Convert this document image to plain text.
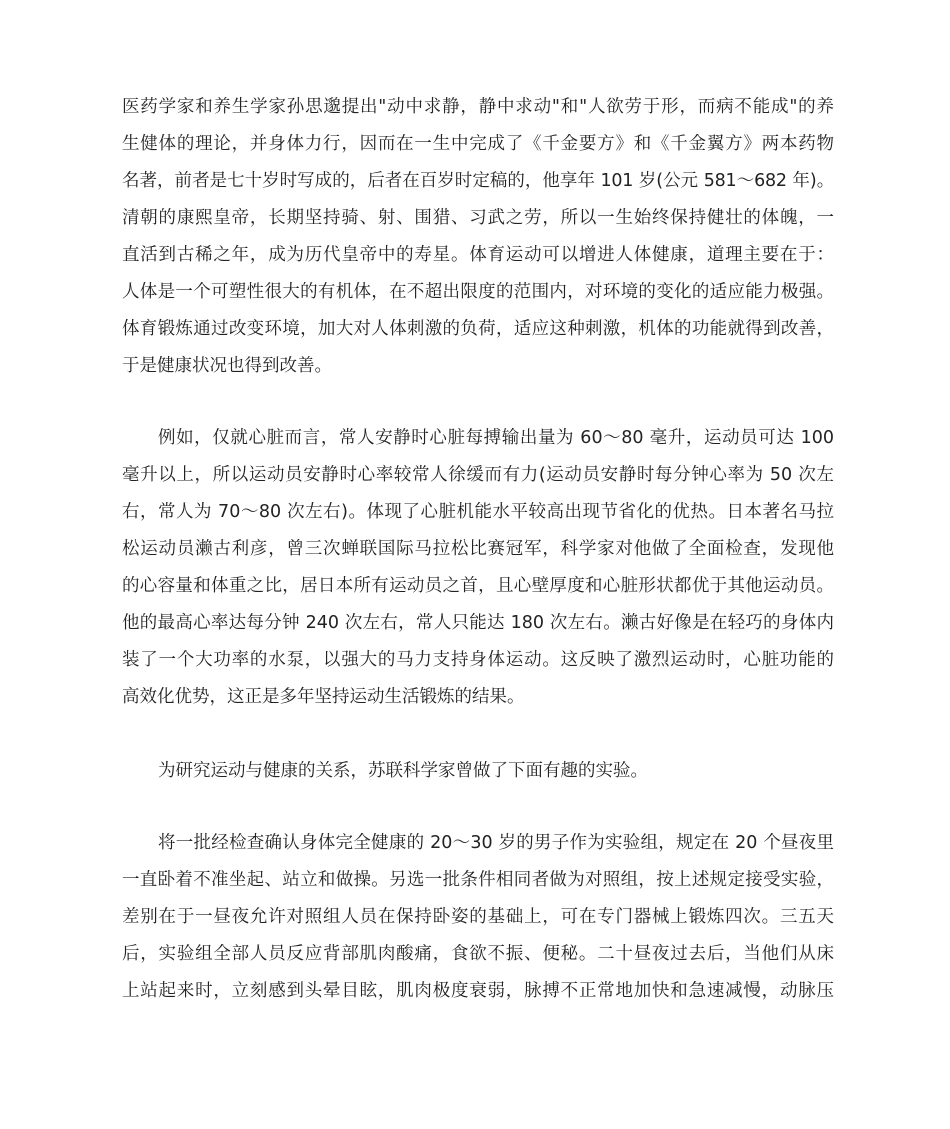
医药学家和养生学家孙思邈提出"动中求静，静中求动"和"人欲劳于形，而病不能成"的养
生健体的理论，并身体力行，因而在一生中完成了《千金要方》和《千金翼方》两本药物
名著，前者是七十岁时写成的，后者在百岁时定稿的，他享年 101 岁(公元 581～682 年)。
清朝的康熙皇帝，长期坚持骑、射、围猎、习武之劳，所以一生始终保持健壮的体魄，一
直活到古稀之年，成为历代皇帝中的寿星。体育运动可以增进人体健康，道理主要在于：
人体是一个可塑性很大的有机体，在不超出限度的范围内，对环境的变化的适应能力极强。
体育锻炼通过改变环境，加大对人体刺激的负荷，适应这种刺激，机体的功能就得到改善，
于是健康状况也得到改善。
例如，仅就心脏而言，常人安静时心脏每搏输出量为 60～80 毫升，运动员可达 100
毫升以上，所以运动员安静时心率较常人徐缓而有力(运动员安静时每分钟心率为 50 次左
右，常人为 70～80 次左右)。体现了心脏机能水平较高出现节省化的优热。日本著名马拉
松运动员濑古利彦，曾三次蝉联国际马拉松比赛冠军，科学家对他做了全面检查，发现他
的心容量和体重之比，居日本所有运动员之首，且心壁厚度和心脏形状都优于其他运动员。
他的最高心率达每分钟 240 次左右，常人只能达 180 次左右。濑古好像是在轻巧的身体内
装了一个大功率的水泵，以强大的马力支持身体运动。这反映了激烈运动时，心脏功能的
高效化优势，这正是多年坚持运动生活锻炼的结果。
为研究运动与健康的关系，苏联科学家曾做了下面有趣的实验。
将一批经检查确认身体完全健康的 20～30 岁的男子作为实验组，规定在 20 个昼夜里
一直卧着不准坐起、站立和做操。另选一批条件相同者做为对照组，按上述规定接受实验，
差别在于一昼夜允许对照组人员在保持卧姿的基础上，可在专门器械上锻炼四次。三五天
后，实验组全部人员反应背部肌肉酸痛，食欲不振、便秘。二十昼夜过去后，当他们从床
上站起来时，立刻感到头晕目眩，肌肉极度衰弱，脉搏不正常地加快和急速减慢，动脉压
